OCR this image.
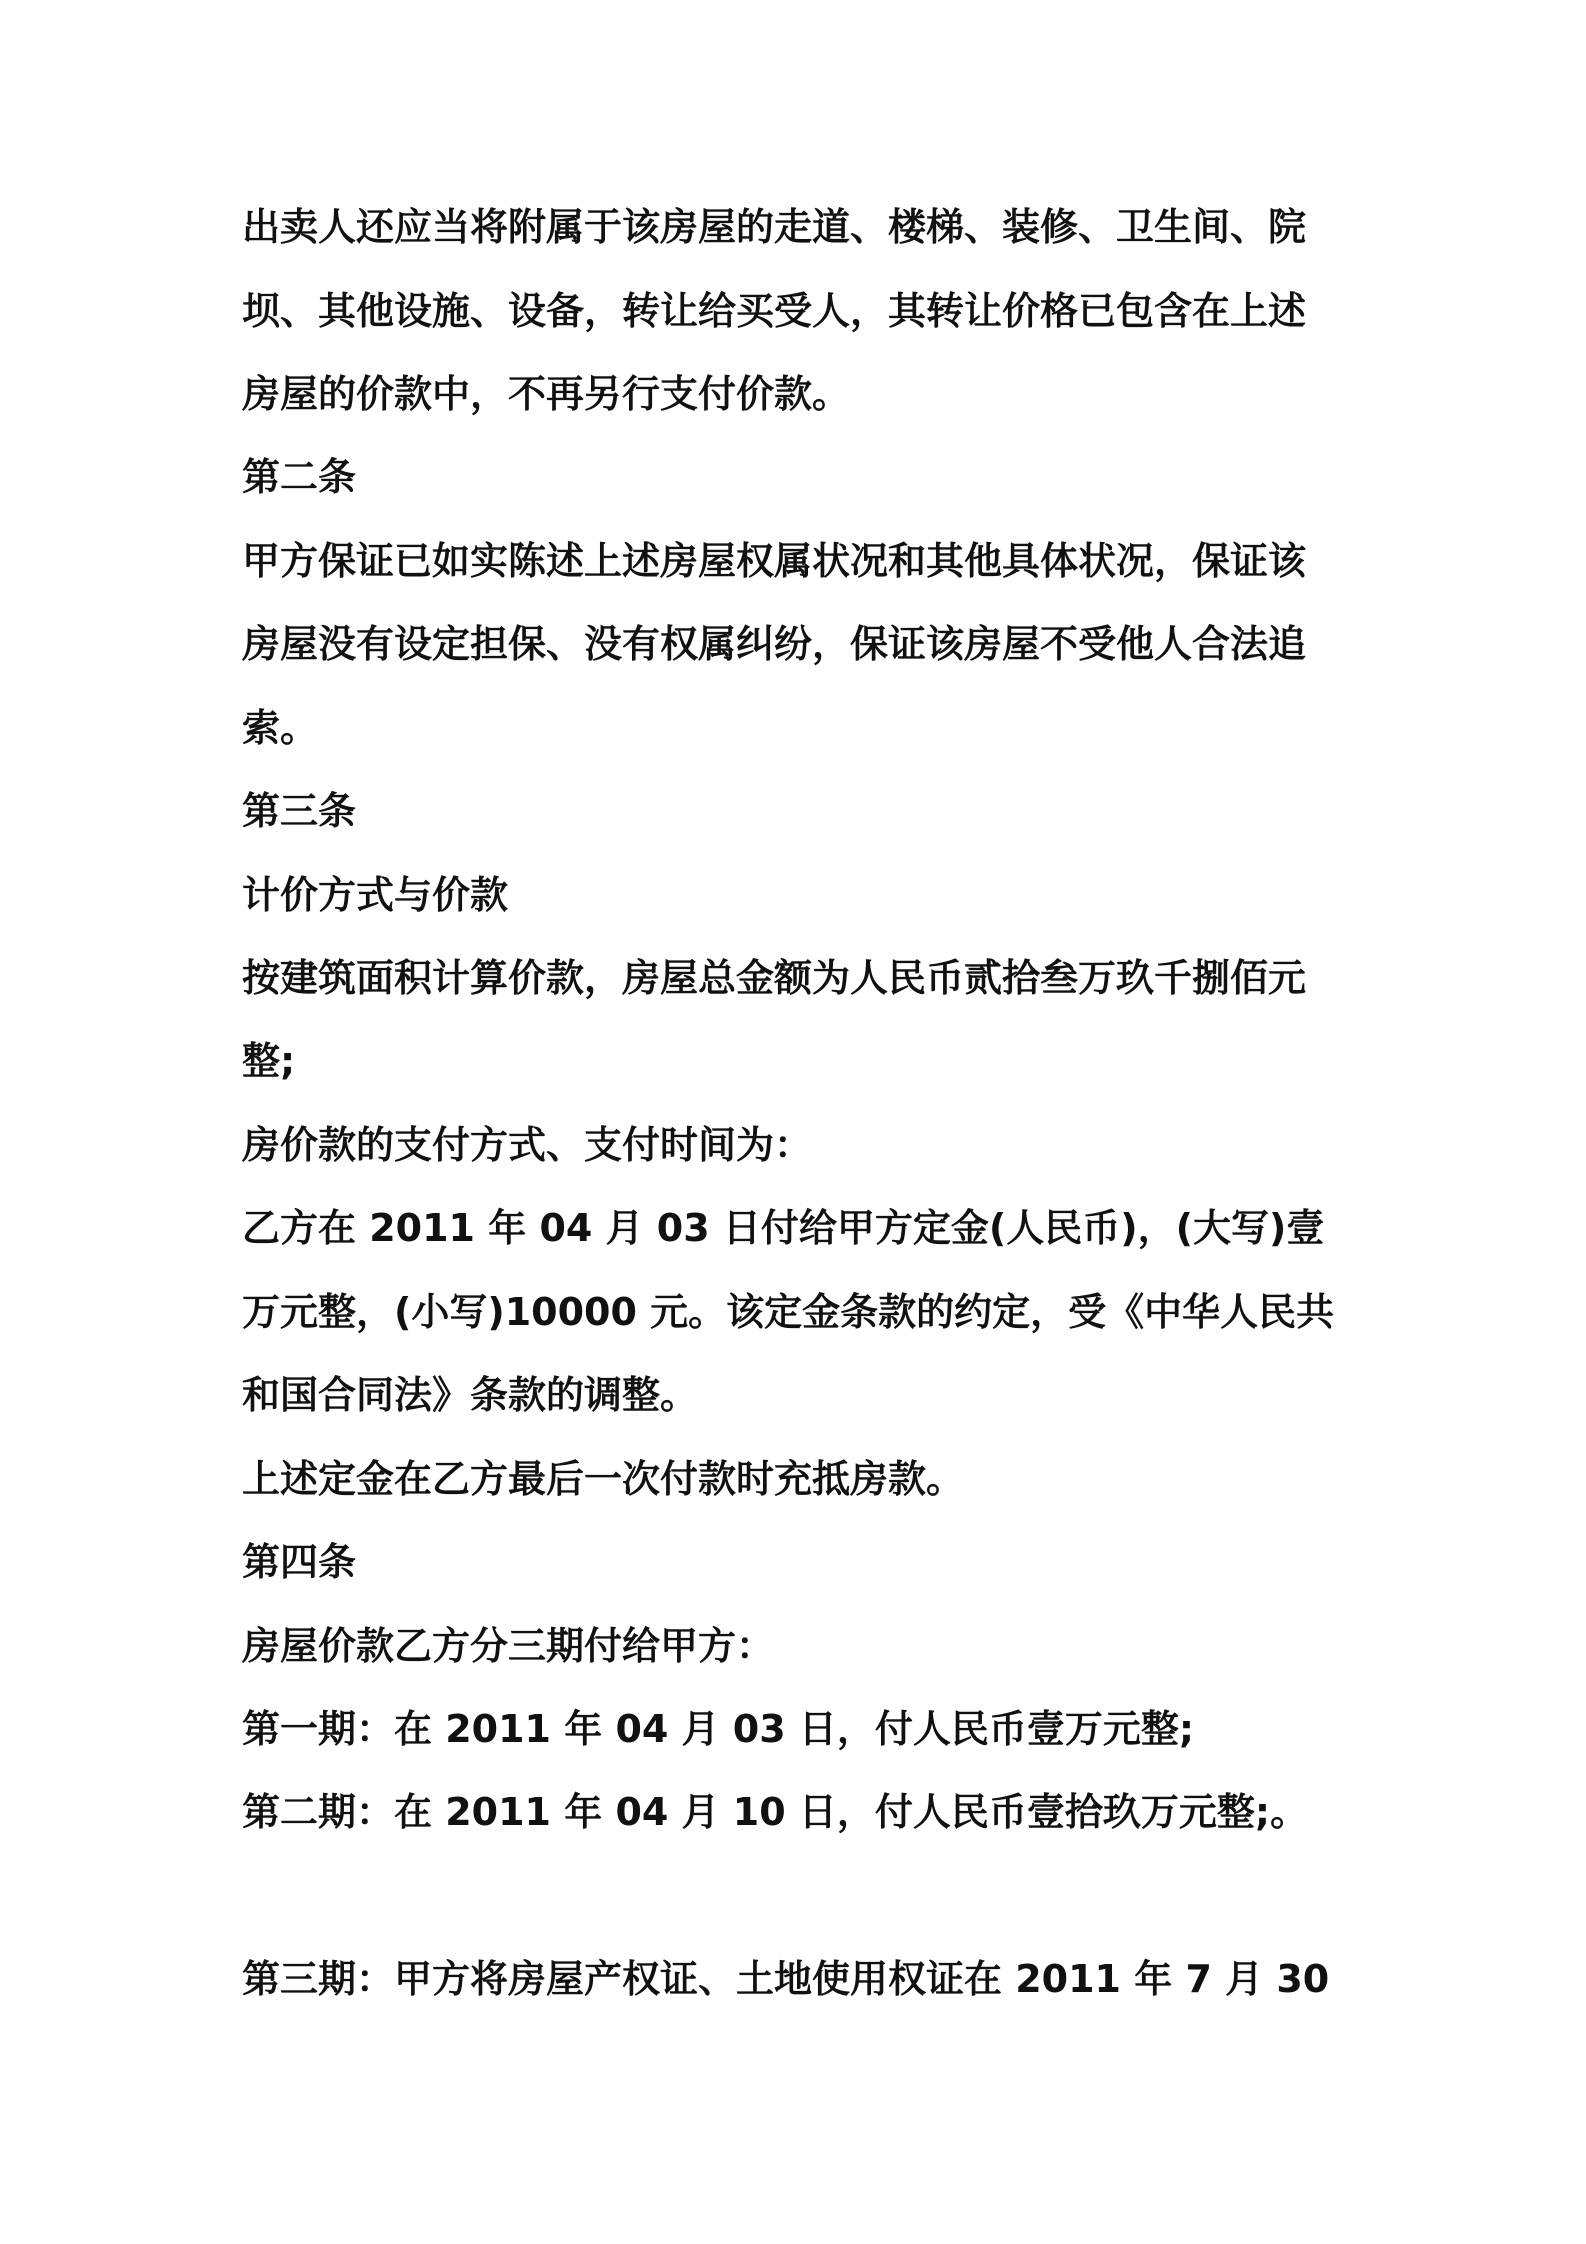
出卖人还应当将附属于该房屋的走道、楼梯、装修、卫生间、院

坝、其他设施、设备，转让给买受人，其转让价格已包含在上述

房屋的价款中，不再另行支付价款。

第二条

甲方保证已如实陈述上述房屋权属状况和其他具体状况，保证该

房屋没有设定担保、没有权属纠纷，保证该房屋不受他人合法追

索。

第三条

计价方式与价款

按建筑面积计算价款，房屋总金额为人民币贰拾叁万玖千捌佰元

整;

房价款的支付方式、支付时间为：

乙方在 2011 年 04 月 03 日付给甲方定金(人民币)，(大写)壹

万元整，(小写)10000 元。该定金条款的约定，受《中华人民共

和国合同法》条款的调整。

上述定金在乙方最后一次付款时充抵房款。

第四条

房屋价款乙方分三期付给甲方：

第一期：在 2011 年 04 月 03 日，付人民币壹万元整;

第二期：在 2011 年 04 月 10 日，付人民币壹拾玖万元整;。

第三期：甲方将房屋产权证、土地使用权证在 2011 年 7 月 30
